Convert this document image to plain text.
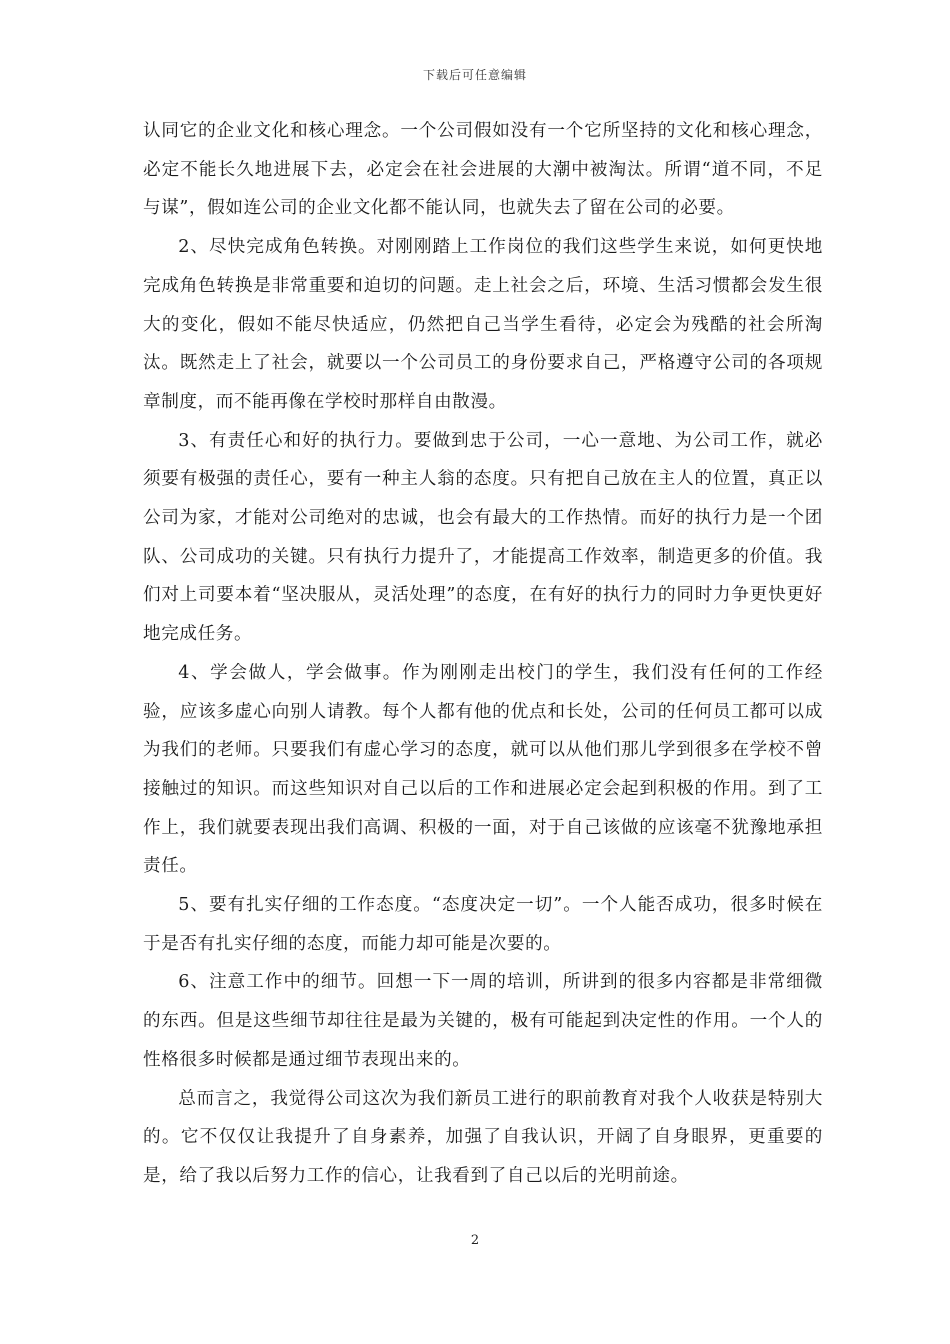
下载后可任意编辑

认同它的企业文化和核心理念。一个公司假如没有一个它所坚持的文化和核心理念，必定不能长久地进展下去，必定会在社会进展的大潮中被淘汰。所谓“道不同，不足与谋”，假如连公司的企业文化都不能认同，也就失去了留在公司的必要。

2、尽快完成角色转换。对刚刚踏上工作岗位的我们这些学生来说，如何更快地完成角色转换是非常重要和迫切的问题。走上社会之后，环境、生活习惯都会发生很大的变化，假如不能尽快适应，仍然把自己当学生看待，必定会为残酷的社会所淘汰。既然走上了社会，就要以一个公司员工的身份要求自己，严格遵守公司的各项规章制度，而不能再像在学校时那样自由散漫。

3、有责任心和好的执行力。要做到忠于公司，一心一意地、为公司工作，就必须要有极强的责任心，要有一种主人翁的态度。只有把自己放在主人的位置，真正以公司为家，才能对公司绝对的忠诚，也会有最大的工作热情。而好的执行力是一个团队、公司成功的关键。只有执行力提升了，才能提高工作效率，制造更多的价值。我们对上司要本着“坚决服从，灵活处理”的态度，在有好的执行力的同时力争更快更好地完成任务。

4、学会做人，学会做事。作为刚刚走出校门的学生，我们没有任何的工作经验，应该多虚心向别人请教。每个人都有他的优点和长处，公司的任何员工都可以成为我们的老师。只要我们有虚心学习的态度，就可以从他们那儿学到很多在学校不曾接触过的知识。而这些知识对自己以后的工作和进展必定会起到积极的作用。到了工作上，我们就要表现出我们高调、积极的一面，对于自己该做的应该毫不犹豫地承担责任。

5、要有扎实仔细的工作态度。“态度决定一切”。一个人能否成功，很多时候在于是否有扎实仔细的态度，而能力却可能是次要的。

6、注意工作中的细节。回想一下一周的培训，所讲到的很多内容都是非常细微的东西。但是这些细节却往往是最为关键的，极有可能起到决定性的作用。一个人的性格很多时候都是通过细节表现出来的。

总而言之，我觉得公司这次为我们新员工进行的职前教育对我个人收获是特别大的。它不仅仅让我提升了自身素养，加强了自我认识，开阔了自身眼界，更重要的是，给了我以后努力工作的信心，让我看到了自己以后的光明前途。

2
